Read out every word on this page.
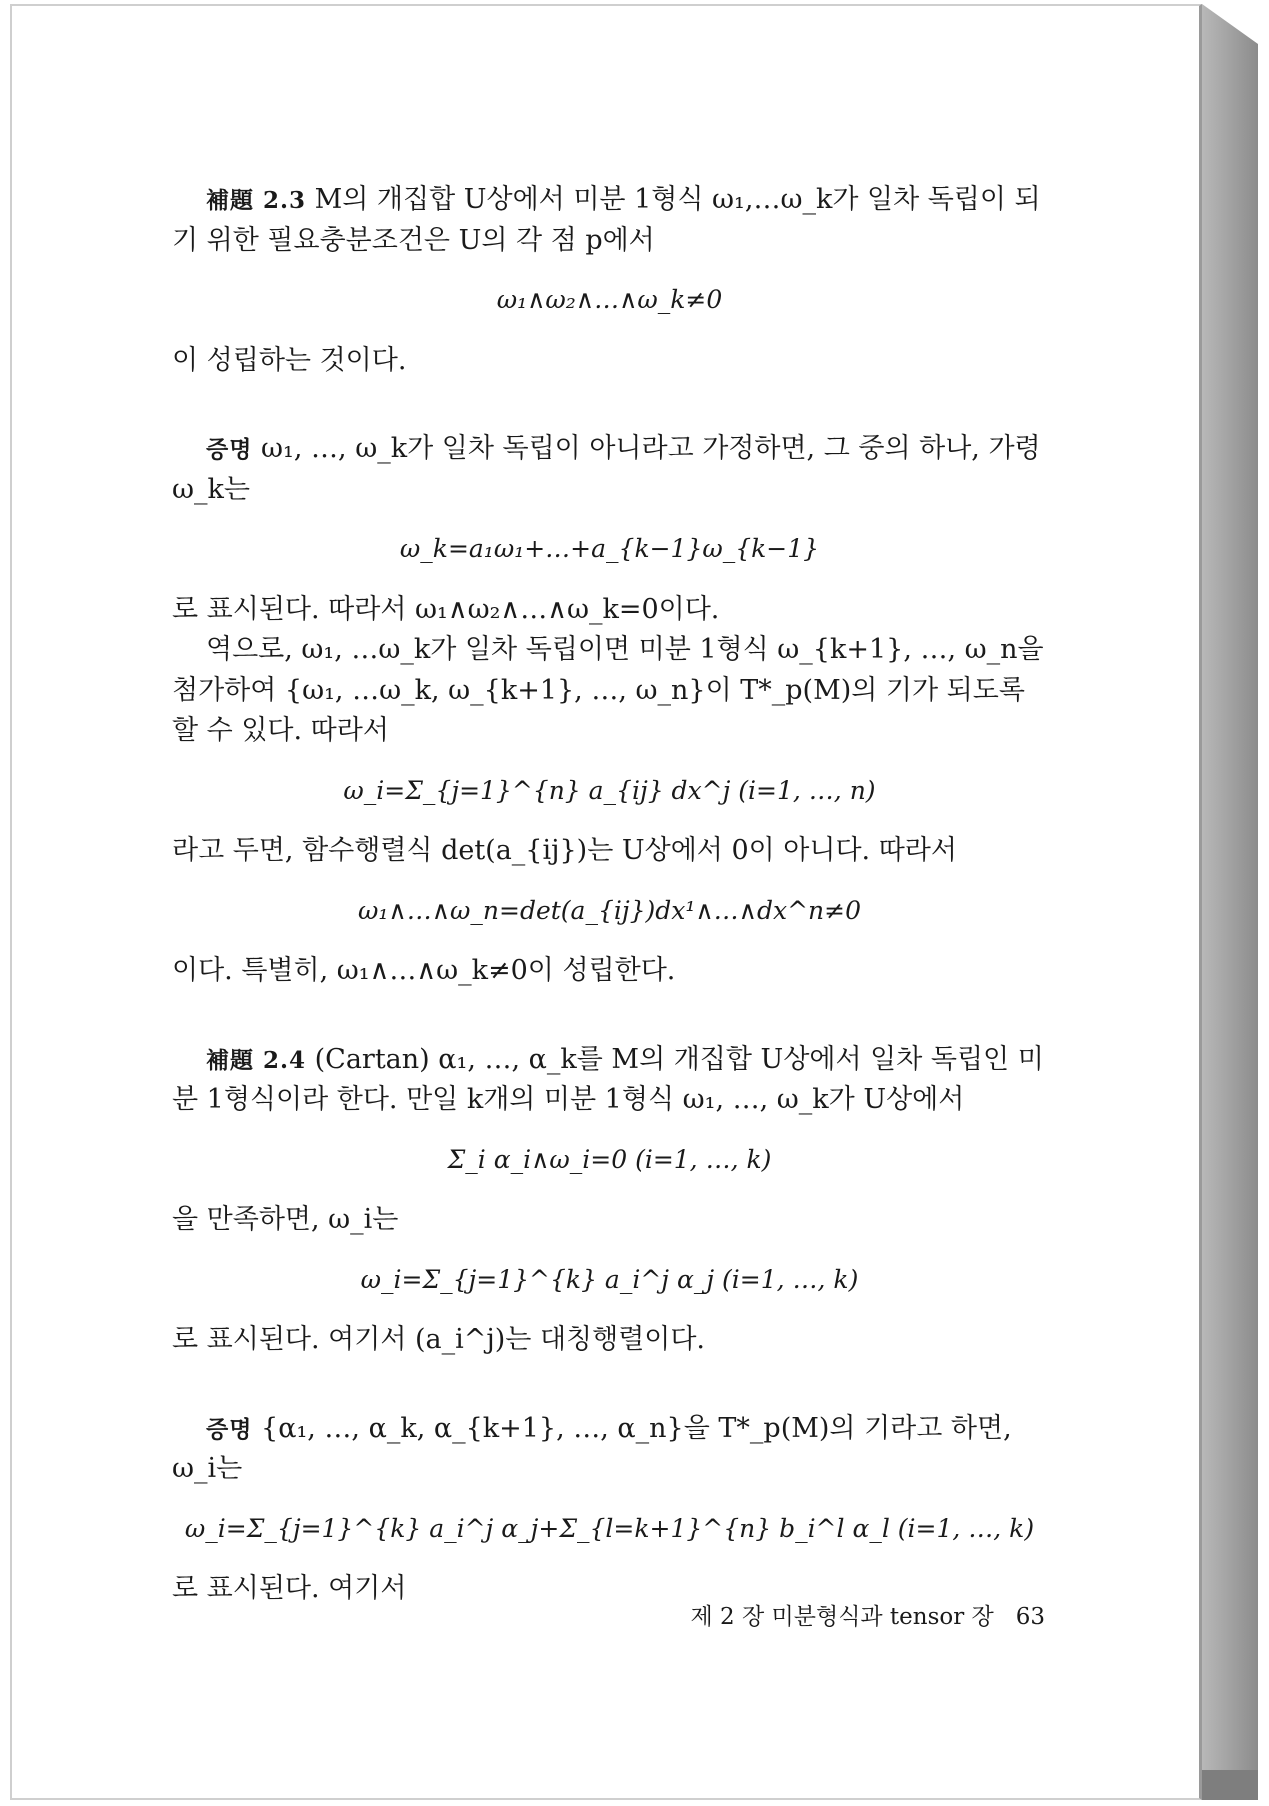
補題 2.3 M의 개집합 U상에서 미분 1형식 ω₁,…ω_k가 일차 독립이 되기 위한 필요충분조건은 U의 각 점 p에서

ω₁∧ω₂∧…∧ω_k≠0

이 성립하는 것이다.

증명 ω₁, …, ω_k가 일차 독립이 아니라고 가정하면, 그 중의 하나, 가령 ω_k는

ω_k=a₁ω₁+…+a_{k−1}ω_{k−1}

로 표시된다. 따라서 ω₁∧ω₂∧…∧ω_k=0이다.

역으로, ω₁, …ω_k가 일차 독립이면 미분 1형식 ω_{k+1}, …, ω_n을 첨가하여 {ω₁, …ω_k, ω_{k+1}, …, ω_n}이 T*_p(M)의 기가 되도록 할 수 있다. 따라서

ω_i=Σ_{j=1}^{n} a_{ij} dx^j (i=1, …, n)

라고 두면, 함수행렬식 det(a_{ij})는 U상에서 0이 아니다. 따라서

ω₁∧…∧ω_n=det(a_{ij})dx¹∧…∧dx^n≠0

이다. 특별히, ω₁∧…∧ω_k≠0이 성립한다.

補題 2.4 (Cartan) α₁, …, α_k를 M의 개집합 U상에서 일차 독립인 미분 1형식이라 한다. 만일 k개의 미분 1형식 ω₁, …, ω_k가 U상에서

Σ_i α_i∧ω_i=0 (i=1, …, k)

을 만족하면, ω_i는

ω_i=Σ_{j=1}^{k} a_i^j α_j (i=1, …, k)

로 표시된다. 여기서 (a_i^j)는 대칭행렬이다.

증명 {α₁, …, α_k, α_{k+1}, …, α_n}을 T*_p(M)의 기라고 하면, ω_i는

ω_i=Σ_{j=1}^{k} a_i^j α_j+Σ_{l=k+1}^{n} b_i^l α_l (i=1, …, k)

로 표시된다. 여기서

제 2 장 미분형식과 tensor 장 63
